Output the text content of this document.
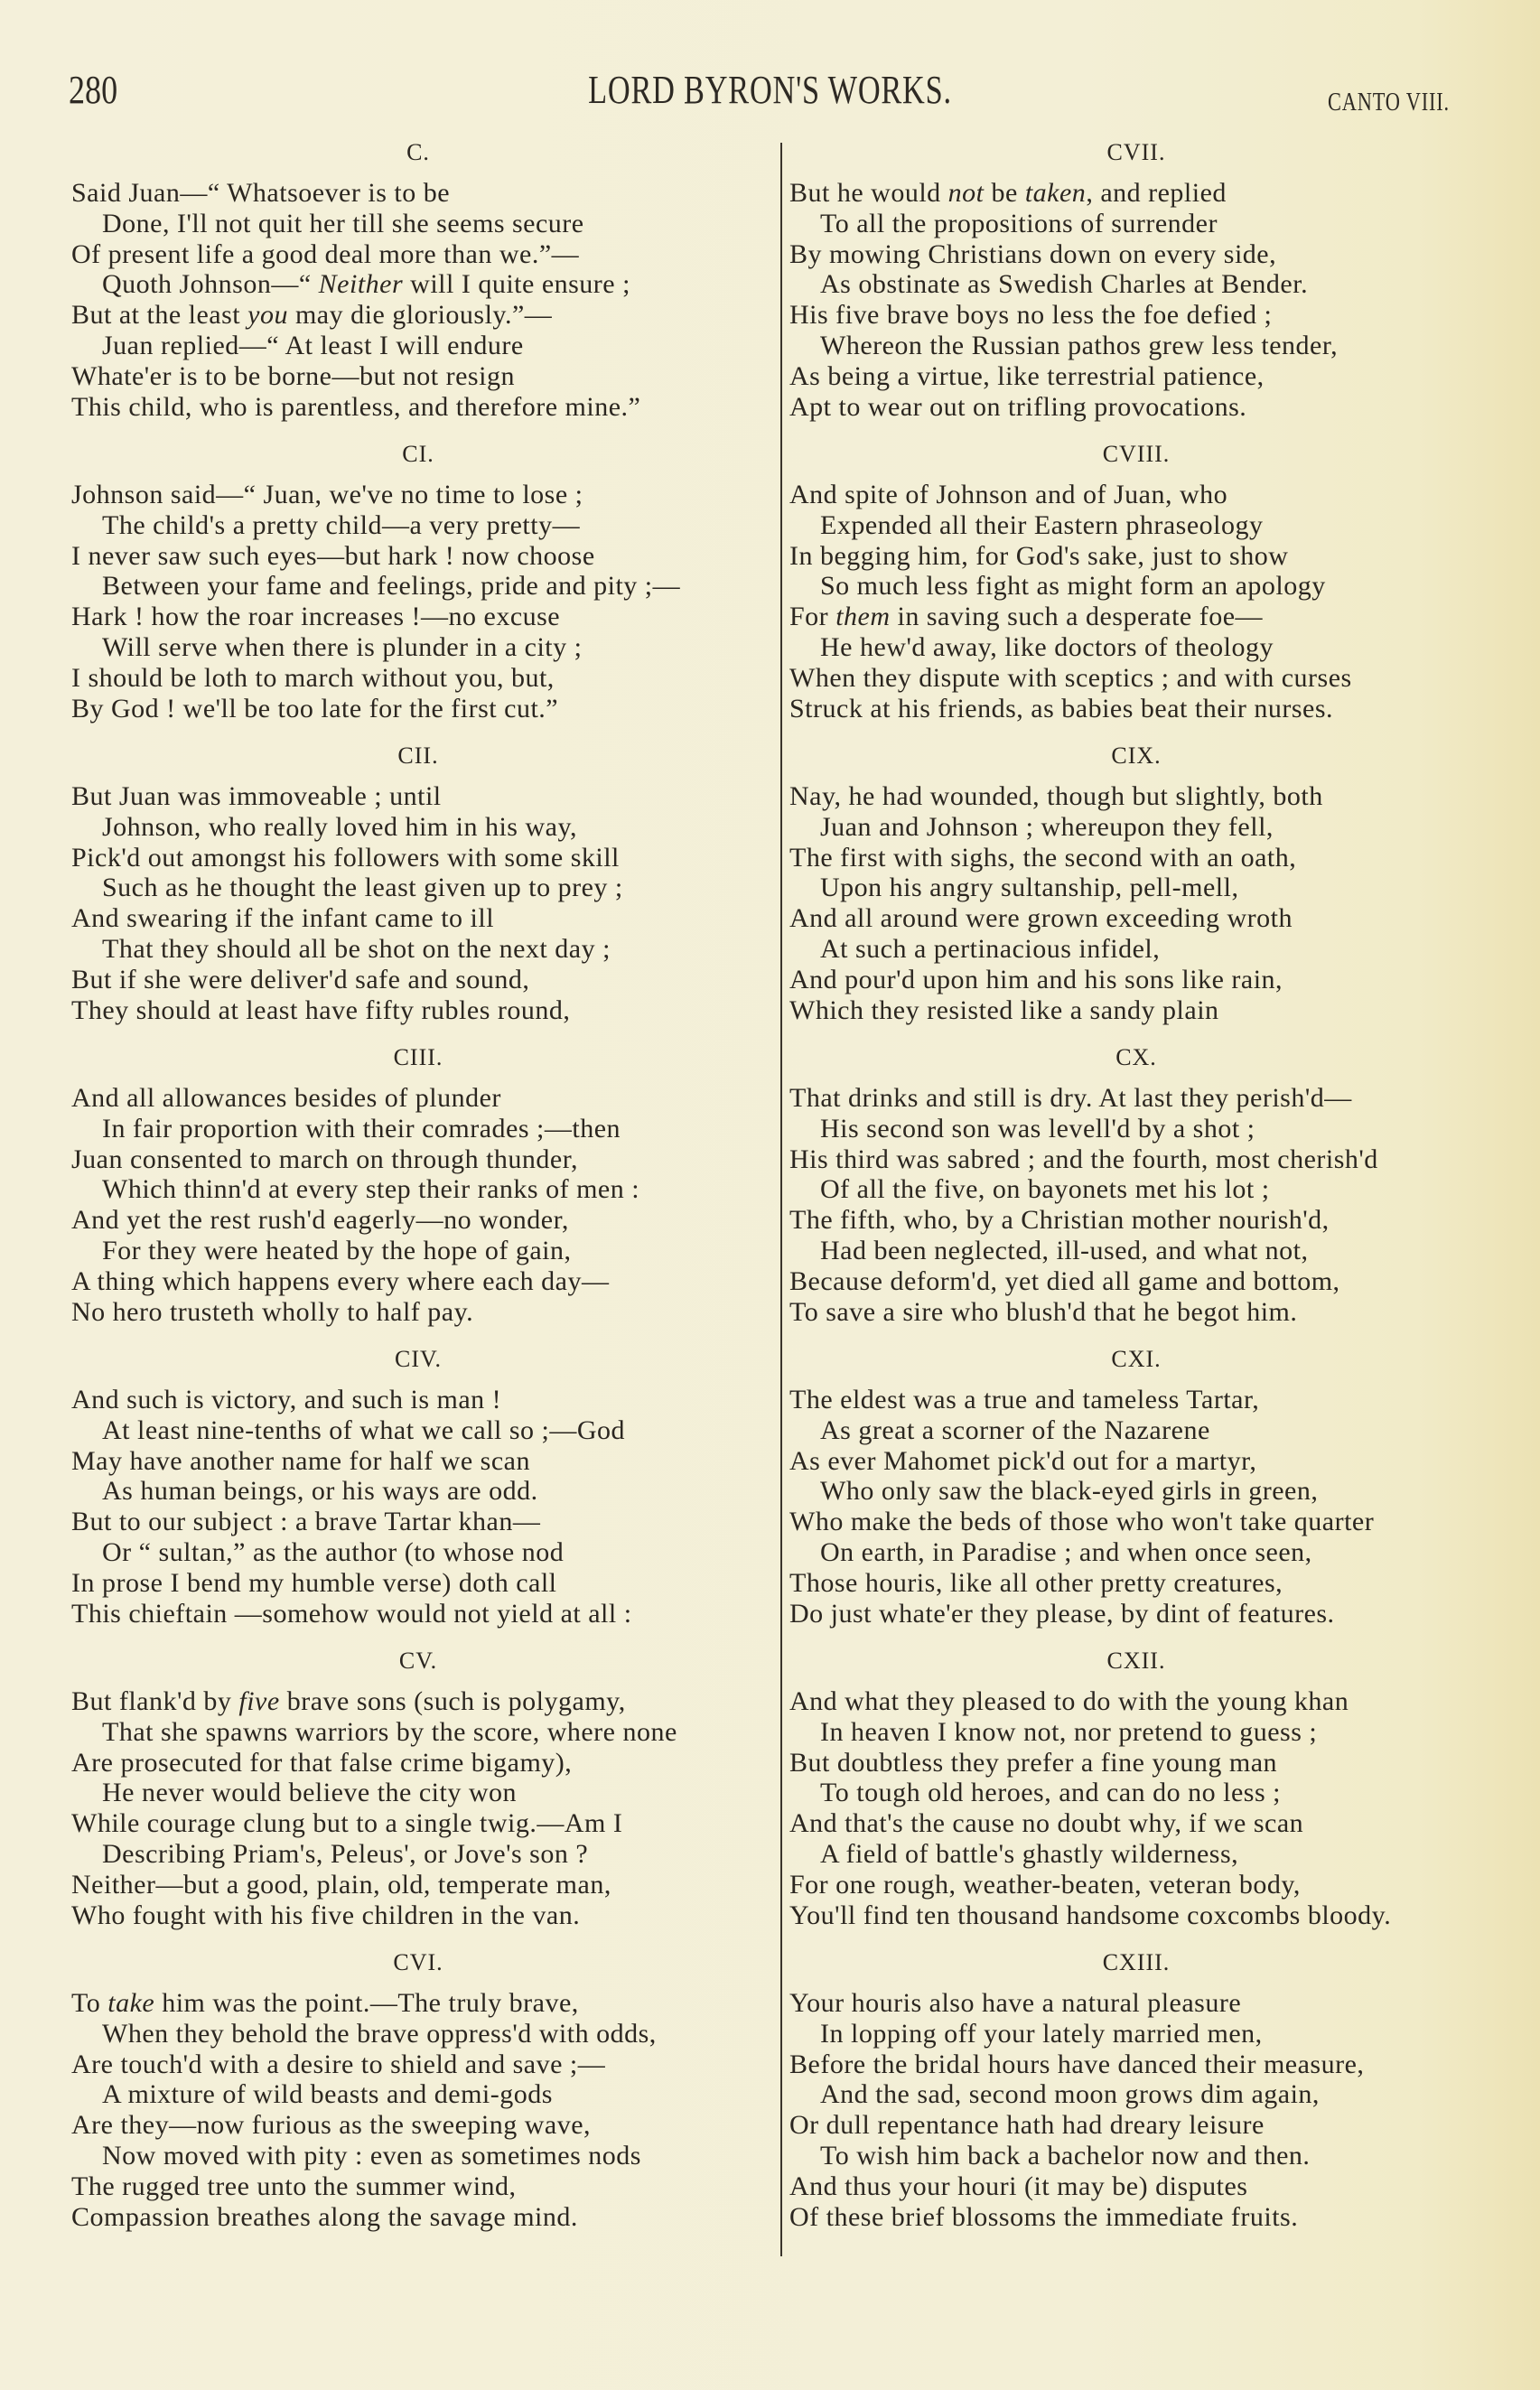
280	LORD BYRON'S WORKS.	CANTO VIII.
C.
Said Juan—“ Whatsoever is to be
Done, I'll not quit her till she seems secure
Of present life a good deal more than we.”—
Quoth Johnson—“ Neither will I quite ensure ;
But at the least you may die gloriously.”—
Juan replied—“ At least I will endure
Whate'er is to be borne—but not resign
This child, who is parentless, and therefore mine.”
CI.
Johnson said—“ Juan, we've no time to lose ;
The child's a pretty child—a very pretty—
I never saw such eyes—but hark ! now choose
Between your fame and feelings, pride and pity ;—
Hark ! how the roar increases !—no excuse
Will serve when there is plunder in a city ;
I should be loth to march without you, but,
By God ! we'll be too late for the first cut.”
CII.
But Juan was immoveable ; until
Johnson, who really loved him in his way,
Pick'd out amongst his followers with some skill
Such as he thought the least given up to prey ;
And swearing if the infant came to ill
That they should all be shot on the next day ;
But if she were deliver'd safe and sound,
They should at least have fifty rubles round,
CIII.
And all allowances besides of plunder
In fair proportion with their comrades ;—then
Juan consented to march on through thunder,
Which thinn'd at every step their ranks of men :
And yet the rest rush'd eagerly—no wonder,
For they were heated by the hope of gain,
A thing which happens every where each day—
No hero trusteth wholly to half pay.
CIV.
And such is victory, and such is man !
At least nine-tenths of what we call so ;—God
May have another name for half we scan
As human beings, or his ways are odd.
But to our subject : a brave Tartar khan—
Or “ sultan,” as the author (to whose nod
In prose I bend my humble verse) doth call
This chieftain —somehow would not yield at all :
CV.
But flank'd by five brave sons (such is polygamy,
That she spawns warriors by the score, where none
Are prosecuted for that false crime bigamy),
He never would believe the city won
While courage clung but to a single twig.—Am I
Describing Priam's, Peleus', or Jove's son ?
Neither—but a good, plain, old, temperate man,
Who fought with his five children in the van.
CVI.
To take him was the point.—The truly brave,
When they behold the brave oppress'd with odds,
Are touch'd with a desire to shield and save ;—
A mixture of wild beasts and demi-gods
Are they—now furious as the sweeping wave,
Now moved with pity : even as sometimes nods
The rugged tree unto the summer wind,
Compassion breathes along the savage mind.
CVII.
But he would not be taken, and replied
To all the propositions of surrender
By mowing Christians down on every side,
As obstinate as Swedish Charles at Bender.
His five brave boys no less the foe defied ;
Whereon the Russian pathos grew less tender,
As being a virtue, like terrestrial patience,
Apt to wear out on trifling provocations.
CVIII.
And spite of Johnson and of Juan, who
Expended all their Eastern phraseology
In begging him, for God's sake, just to show
So much less fight as might form an apology
For them in saving such a desperate foe—
He hew'd away, like doctors of theology
When they dispute with sceptics ; and with curses
Struck at his friends, as babies beat their nurses.
CIX.
Nay, he had wounded, though but slightly, both
Juan and Johnson ; whereupon they fell,
The first with sighs, the second with an oath,
Upon his angry sultanship, pell-mell,
And all around were grown exceeding wroth
At such a pertinacious infidel,
And pour'd upon him and his sons like rain,
Which they resisted like a sandy plain
CX.
That drinks and still is dry. At last they perish'd—
His second son was levell'd by a shot ;
His third was sabred ; and the fourth, most cherish'd
Of all the five, on bayonets met his lot ;
The fifth, who, by a Christian mother nourish'd,
Had been neglected, ill-used, and what not,
Because deform'd, yet died all game and bottom,
To save a sire who blush'd that he begot him.
CXI.
The eldest was a true and tameless Tartar,
As great a scorner of the Nazarene
As ever Mahomet pick'd out for a martyr,
Who only saw the black-eyed girls in green,
Who make the beds of those who won't take quarter
On earth, in Paradise ; and when once seen,
Those houris, like all other pretty creatures,
Do just whate'er they please, by dint of features.
CXII.
And what they pleased to do with the young khan
In heaven I know not, nor pretend to guess ;
But doubtless they prefer a fine young man
To tough old heroes, and can do no less ;
And that's the cause no doubt why, if we scan
A field of battle's ghastly wilderness,
For one rough, weather-beaten, veteran body,
You'll find ten thousand handsome coxcombs bloody.
CXIII.
Your houris also have a natural pleasure
In lopping off your lately married men,
Before the bridal hours have danced their measure,
And the sad, second moon grows dim again,
Or dull repentance hath had dreary leisure
To wish him back a bachelor now and then.
And thus your houri (it may be) disputes
Of these brief blossoms the immediate fruits.
